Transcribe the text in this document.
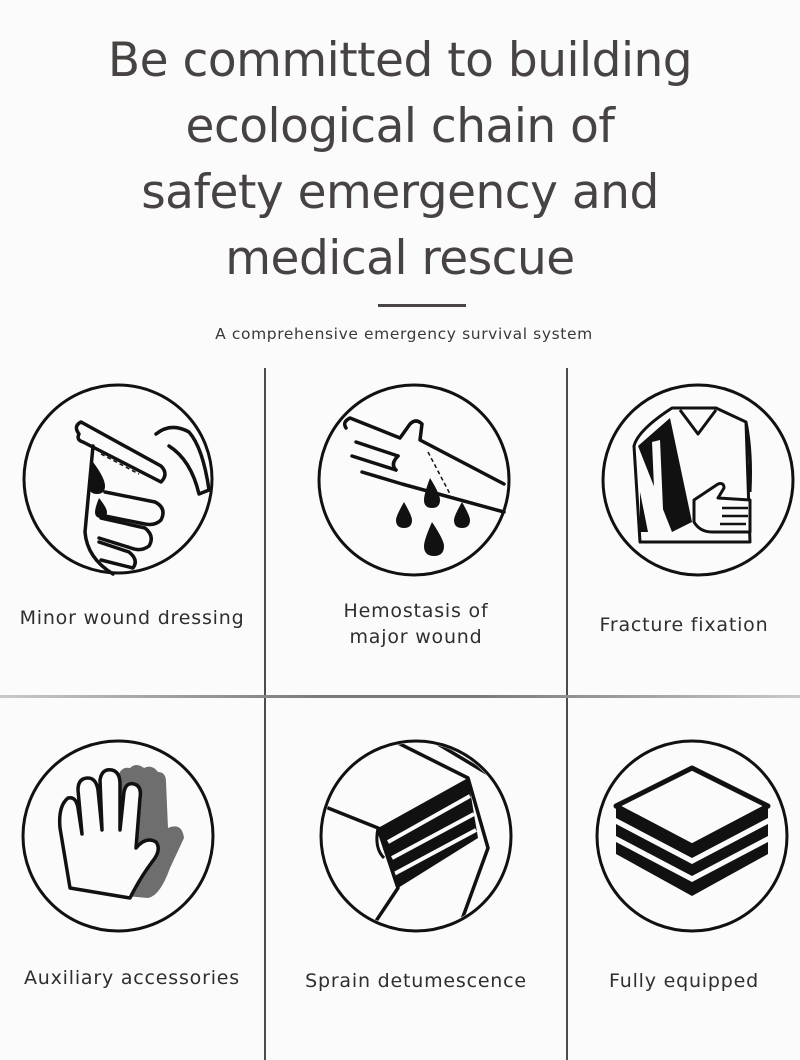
Be committed to building
ecological chain of
safety emergency and
medical rescue
A comprehensive emergency survival system
Minor wound dressing	Hemostasis of
major wound
Fracture fixation
Auxiliary accessories	Sprain detumescence	Fully equipped
